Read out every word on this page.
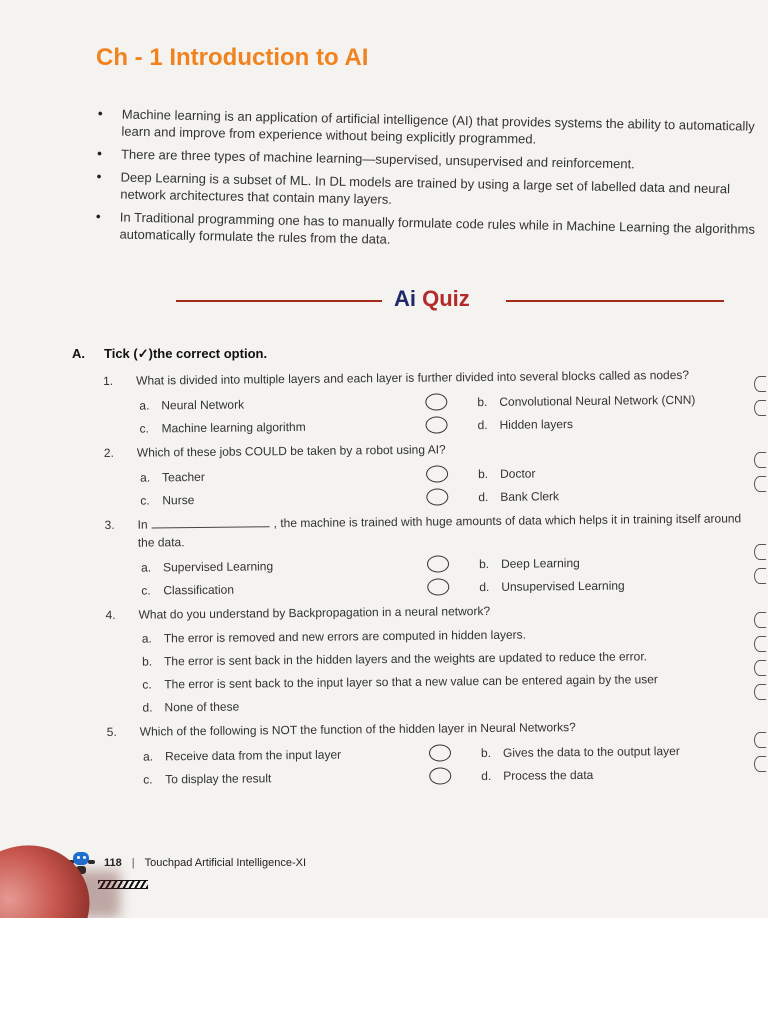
Ch - 1 Introduction to AI
• Machine learning is an application of artificial intelligence (AI) that provides systems the ability to automatically learn and improve from experience without being explicitly programmed.
• There are three types of machine learning—supervised, unsupervised and reinforcement.
• Deep Learning is a subset of ML. In DL models are trained by using a large set of labelled data and neural network architectures that contain many layers.
• In Traditional programming one has to manually formulate code rules while in Machine Learning the algorithms automatically formulate the rules from the data.
Ai Quiz
A. Tick (✓)the correct option.
1.	What is divided into multiple layers and each layer is further divided into several blocks called as nodes?
a. Neural Network	b. Convolutional Neural Network (CNN)
c.	Machine learning algorithm	d. Hidden layers
2.	Which of these jobs COULD be taken by a robot using AI?
a. Teacher	b. Doctor
c.	Nurse	d. Bank Clerk
3.	In	, the machine is trained with huge amounts of data which helps it in training itself around
the data.
a. Supervised Learning	b. Deep Learning
c.	Classification	d. Unsupervised Learning
4.	What do you understand by Backpropagation in a neural network?
a. The error is removed and new errors are computed in hidden layers.
b. The error is sent back in the hidden layers and the weights are updated to reduce the error.
c.	The error is sent back to the input layer so that a new value can be entered again by the user
d. None of these
5.	Which of the following is NOT the function of the hidden layer in Neural Networks?
a. Receive data from the input layer	b. Gives the data to the output layer
c.	To display the result	d. Process the data
118 | Touchpad Artificial Intelligence-XI
